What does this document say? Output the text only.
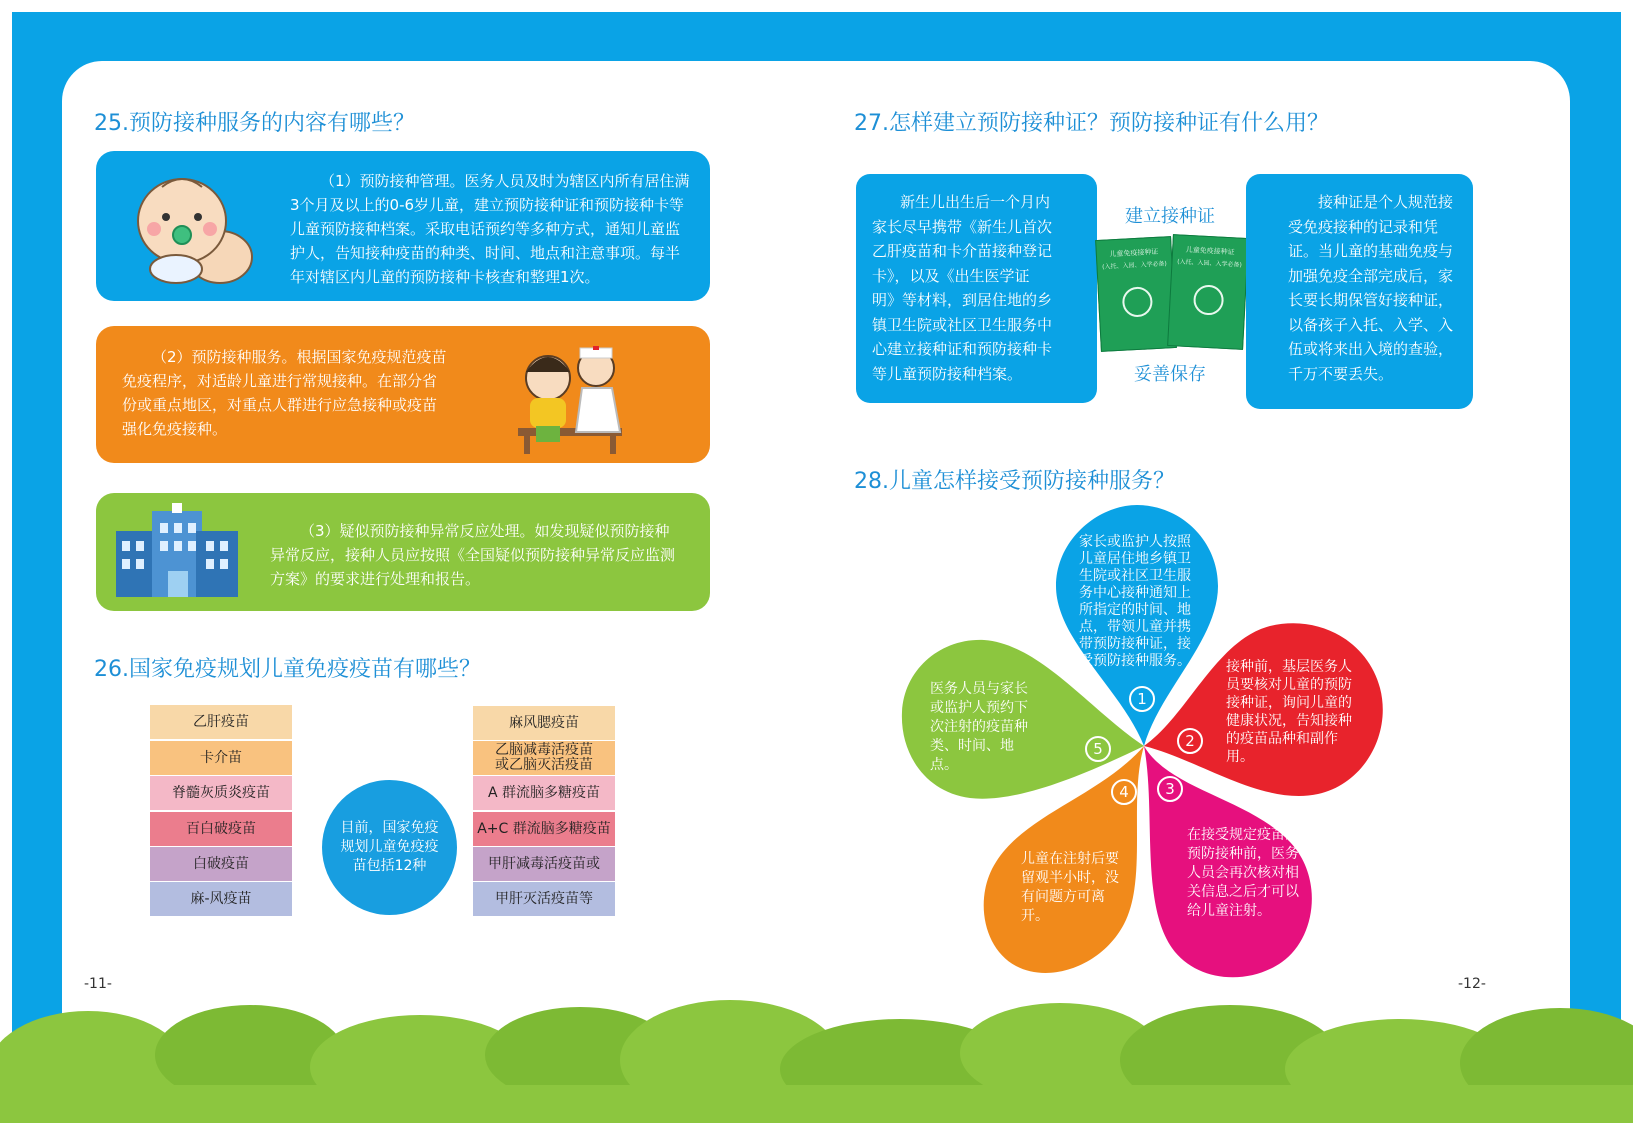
25.预防接种服务的内容有哪些？
（1）预防接种管理。医务人员及时为辖区内所有居住满
3个月及以上的0-6岁儿童，建立预防接种证和预防接种卡等
儿童预防接种档案。采取电话预约等多种方式，通知儿童监
护人，告知接种疫苗的种类、时间、地点和注意事项。每半
年对辖区内儿童的预防接种卡核查和整理1次。
（2）预防接种服务。根据国家免疫规范疫苗
免疫程序，对适龄儿童进行常规接种。在部分省
份或重点地区，对重点人群进行应急接种或疫苗
强化免疫接种。
（3）疑似预防接种异常反应处理。如发现疑似预防接种
异常反应，接种人员应按照《全国疑似预防接种异常反应监测
方案》的要求进行处理和报告。
26.国家免疫规划儿童免疫疫苗有哪些？
乙肝疫苗
卡介苗
脊髓灰质炎疫苗
百白破疫苗
白破疫苗
麻-风疫苗
目前，国家免疫规划儿童免疫疫苗包括12种
麻风腮疫苗
乙脑减毒活疫苗
或乙脑灭活疫苗
A 群流脑多糖疫苗
A+C 群流脑多糖疫苗
甲肝减毒活疫苗或
甲肝灭活疫苗等
27.怎样建立预防接种证？预防接种证有什么用？
新生儿出生后一个月内
家长尽早携带《新生儿首次
乙肝疫苗和卡介苗接种登记
卡》，以及《出生医学证
明》等材料，到居住地的乡
镇卫生院或社区卫生服务中
心建立接种证和预防接种卡
等儿童预防接种档案。
建立接种证
儿童免疫接种证
(入托、入园、入学必备)
儿童免疫接种证
(入托、入园、入学必备)
妥善保存
接种证是个人规范接
受免疫接种的记录和凭
证。当儿童的基础免疫与
加强免疫全部完成后，家
长要长期保管好接种证，
以备孩子入托、入学、入
伍或将来出入境的查验，
千万不要丢失。
28.儿童怎样接受预防接种服务？
1
2
3
4
5
家长或监护人按照
儿童居住地乡镇卫
生院或社区卫生服
务中心接种通知上
所指定的时间、地
点，带领儿童并携
带预防接种证，接
受预防接种服务。	接种前，基层医务人
员要核对儿童的预防
接种证，询问儿童的
健康状况，告知接种
的疫苗品种和副作
用。
在接受规定疫苗的
预防接种前，医务
人员会再次核对相
关信息之后才可以
给儿童注射。
儿童在注射后要
留观半小时，没
有问题方可离
开。
医务人员与家长
或监护人预约下
次注射的疫苗种
类、时间、地
点。
-11-	-12-
